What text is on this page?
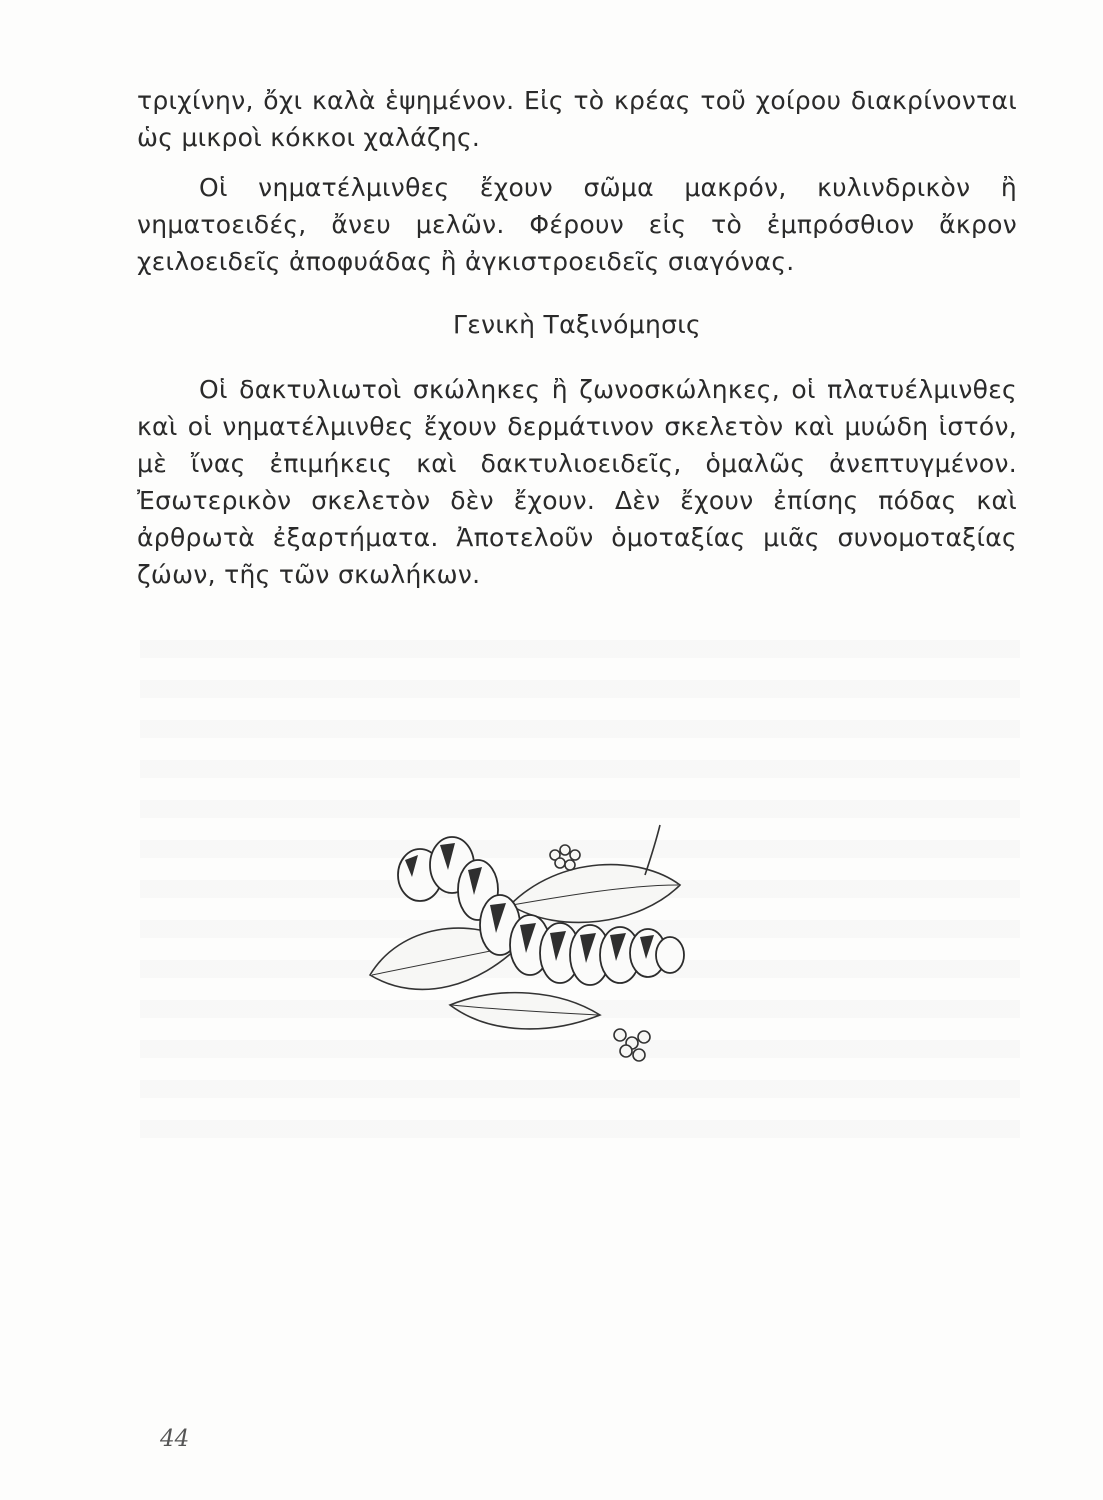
τριχίνην, ὄχι καλὰ ἑψημένον. Εἰς τὸ κρέας τοῦ χοίρου διακρίνονται

ὡς μικροὶ κόκκοι χαλάζης.

Οἱ νηματέλμινθες ἔχουν σῶμα μακρόν, κυλινδρικὸν ἢ νηματοειδές, ἄνευ μελῶν. Φέρουν εἰς τὸ ἐμπρόσθιον ἄκρον χειλοειδεῖς ἀποφυάδας ἢ ἀγκιστροειδεῖς σιαγόνας.

Γενικὴ Ταξινόμησις

Οἱ δακτυλιωτοὶ σκώληκες ἢ ζωνοσκώληκες, οἱ πλατυέλμινθες καὶ οἱ νηματέλμινθες ἔχουν δερμάτινον σκελετὸν καὶ μυώδη ἱστόν, μὲ ἴνας ἐπιμήκεις καὶ δακτυλιοειδεῖς, ὁμαλῶς ἀνεπτυγμένον. Ἐσωτερικὸν σκελετὸν δὲν ἔχουν. Δὲν ἔχουν ἐπίσης πόδας καὶ ἀρθρωτὰ ἐξαρτήματα. Ἀποτελοῦν ὁμοταξίας μιᾶς συνομοταξίας ζώων, τῆς τῶν σκωλήκων.

44
